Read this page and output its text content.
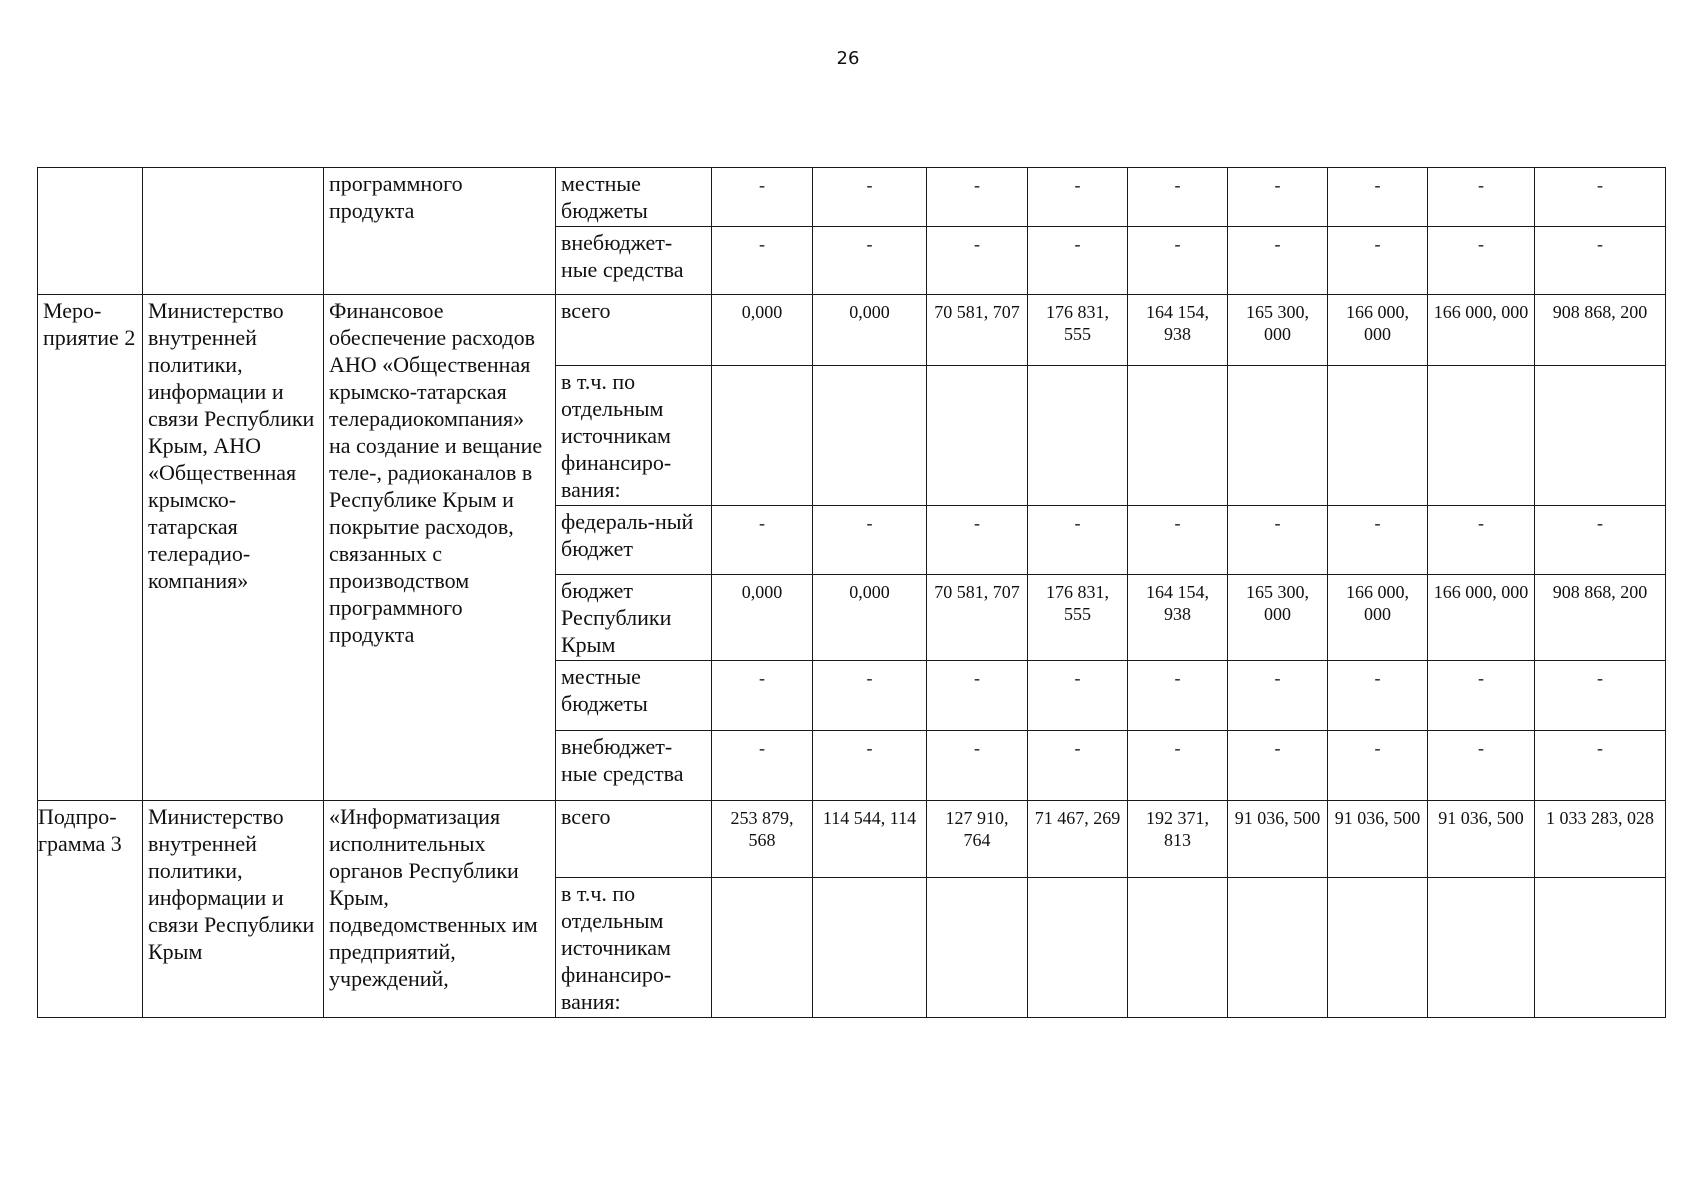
26
		программного продукта	местные бюджеты	-	-	-	-	-	-	-	-	-
			внебюджет-ные средства	-	-	-	-	-	-	-	-	-
Меро-приятие 2	Министерство внутренней политики, информации и связи Республики Крым, АНО «Общественная крымско-татарская телерадио-компания»	Финансовое обеспечение расходов АНО «Общественная крымско-татарская телерадиокомпания» на создание и вещание теле-, радиоканалов в Республике Крым и покрытие расходов, связанных с производством программного продукта	всего	0,000	0,000	70 581, 707	176 831, 555	164 154, 938	165 300, 000	166 000, 000	166 000, 000	908 868, 200
			в т.ч. по отдельным источникам финансиро-вания:									
			федераль-ный бюджет	-	-	-	-	-	-	-	-	-
			бюджет Республики Крым	0,000	0,000	70 581, 707	176 831, 555	164 154, 938	165 300, 000	166 000, 000	166 000, 000	908 868, 200
			местные бюджеты	-	-	-	-	-	-	-	-	-
			внебюджет-ные средства	-	-	-	-	-	-	-	-	-
Подпро-грамма 3	Министерство внутренней политики, информации и связи Республики Крым	«Информатизация исполнительных органов Республики Крым, подведомственных им предприятий, учреждений,	всего	253 879, 568	114 544, 114	127 910, 764	71 467, 269	192 371, 813	91 036, 500	91 036, 500	91 036, 500	1 033 283, 028
			в т.ч. по отдельным источникам финансиро-вания:									
